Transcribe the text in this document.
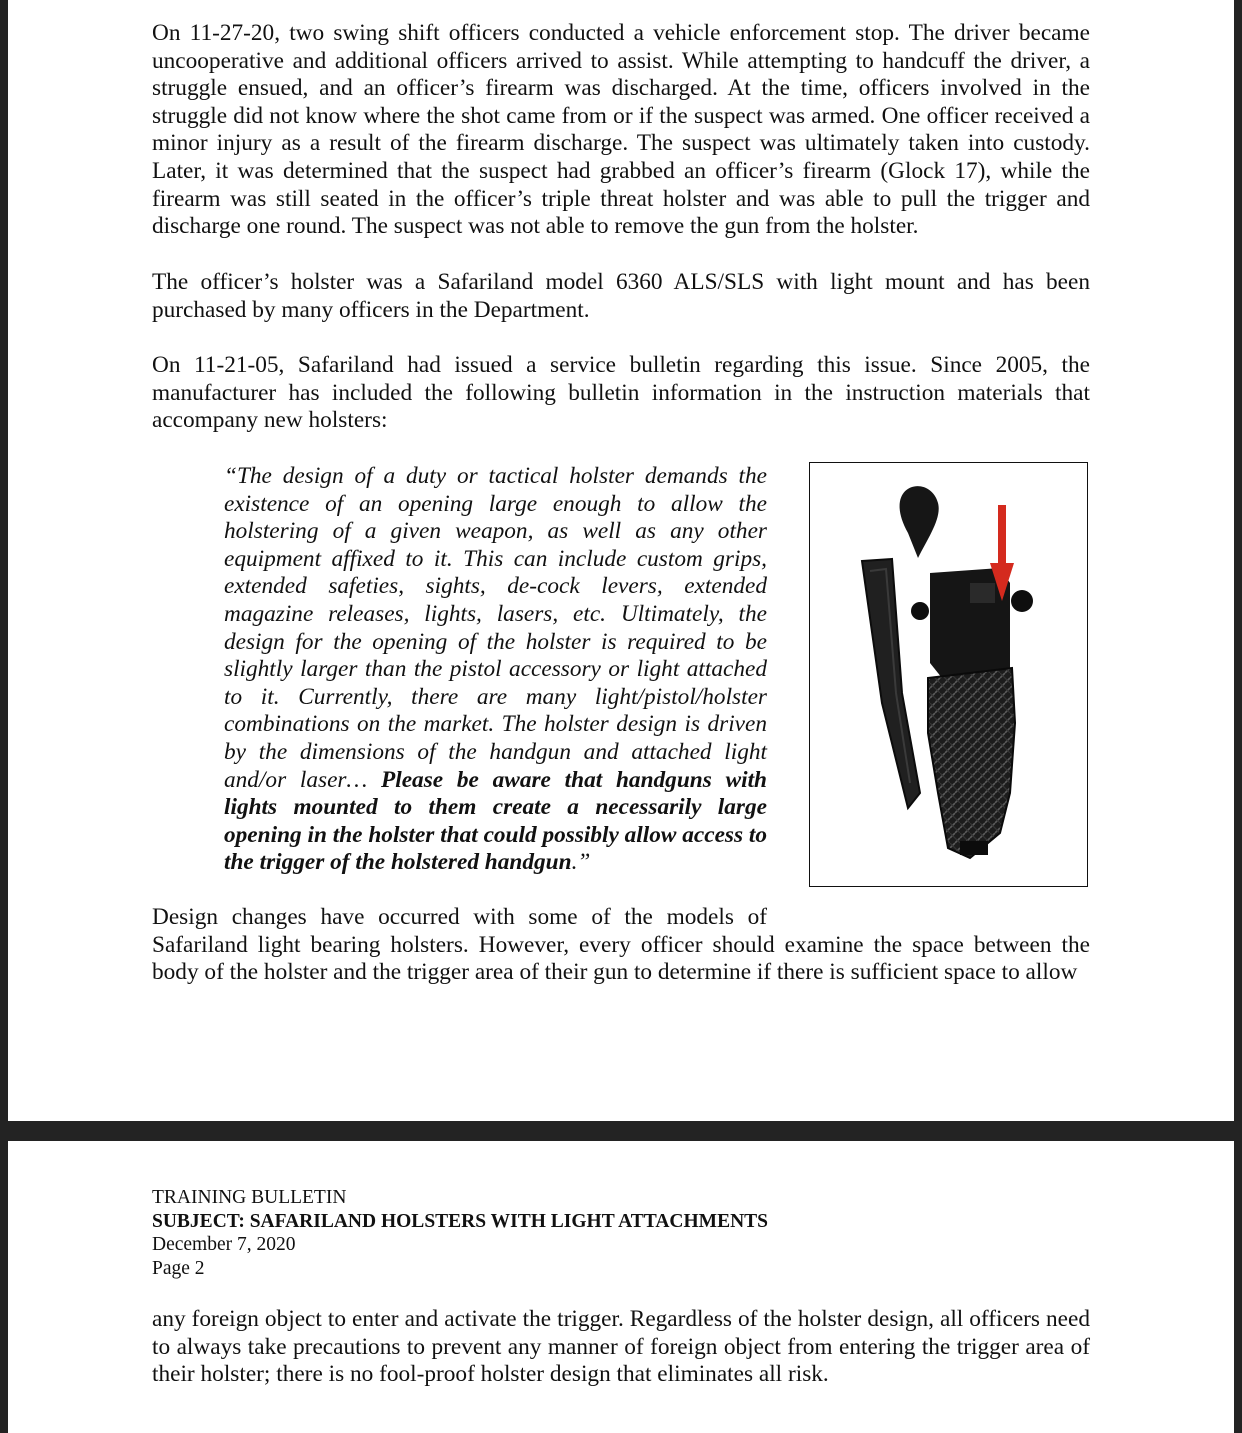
On 11-27-20, two swing shift officers conducted a vehicle enforcement stop. The driver became uncooperative and additional officers arrived to assist. While attempting to handcuff the driver, a struggle ensued, and an officer’s firearm was discharged. At the time, officers involved in the struggle did not know where the shot came from or if the suspect was armed. One officer received a minor injury as a result of the firearm discharge. The suspect was ultimately taken into custody. Later, it was determined that the suspect had grabbed an officer’s firearm (Glock 17), while the firearm was still seated in the officer’s triple threat holster and was able to pull the trigger and discharge one round. The suspect was not able to remove the gun from the holster.

The officer’s holster was a Safariland model 6360 ALS/SLS with light mount and has been purchased by many officers in the Department.

On 11-21-05, Safariland had issued a service bulletin regarding this issue. Since 2005, the manufacturer has included the following bulletin information in the instruction materials that accompany new holsters:

“The design of a duty or tactical holster demands the existence of an opening large enough to allow the holstering of a given weapon, as well as any other equipment affixed to it. This can include custom grips, extended safeties, sights, de-cock levers, extended magazine releases, lights, lasers, etc. Ultimately, the design for the opening of the holster is required to be slightly larger than the pistol accessory or light attached to it. Currently, there are many light/pistol/holster combinations on the market. The holster design is driven by the dimensions of the handgun and attached light and/or laser… Please be aware that handguns with lights mounted to them create a necessarily large opening in the holster that could possibly allow access to the trigger of the holstered handgun.”

Design changes have occurred with some of the models of
Safariland light bearing holsters. However, every officer should examine the space between the body of the holster and the trigger area of their gun to determine if there is sufficient space to allow

TRAINING BULLETIN
SUBJECT: SAFARILAND HOLSTERS WITH LIGHT ATTACHMENTS
December 7, 2020
Page 2

any foreign object to enter and activate the trigger. Regardless of the holster design, all officers need to always take precautions to prevent any manner of foreign object from entering the trigger area of their holster; there is no fool-proof holster design that eliminates all risk.
